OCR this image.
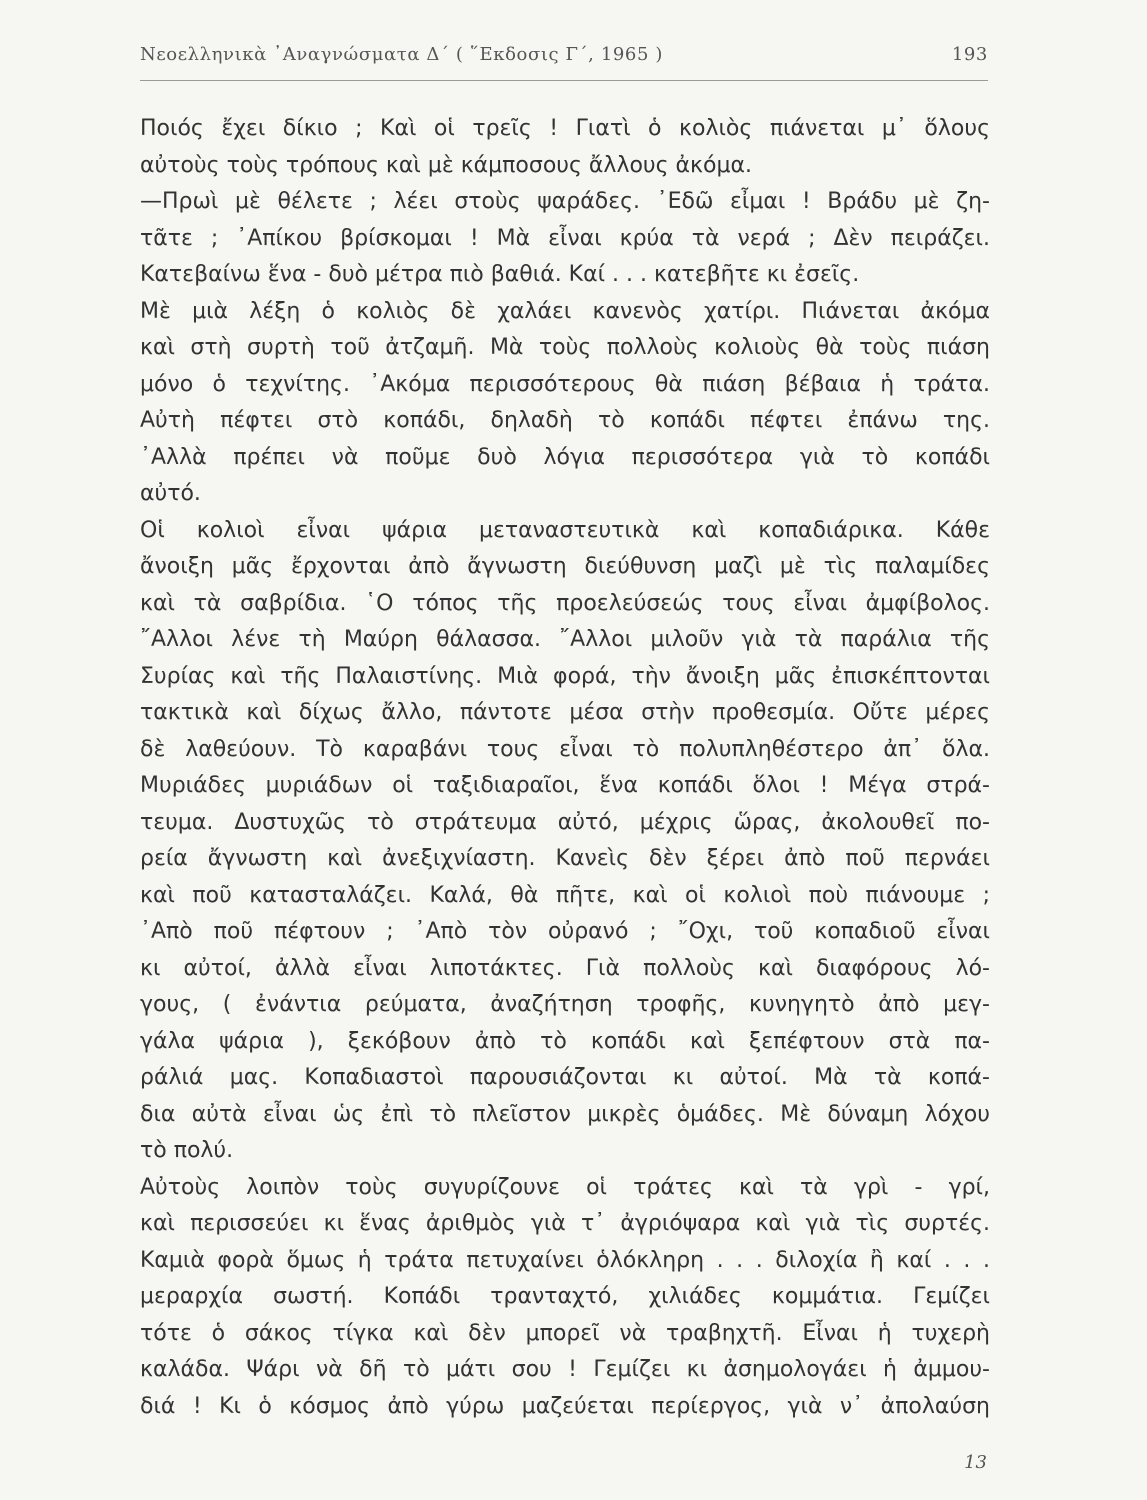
Νεοελληνικὰ ᾿Αναγνώσματα Δ΄ ( ῞Εκδοσις Γ΄, 1965 )	193
Ποιός ἔχει δίκιο ; Καὶ οἱ τρεῖς ! Γιατὶ ὁ κολιὸς πιάνεται μ᾿ ὅλους
αὐτοὺς τοὺς τρόπους καὶ μὲ κάμποσους ἄλλους ἀκόμα.
—Πρωὶ μὲ θέλετε ; λέει στοὺς ψαράδες. ᾿Εδῶ εἶμαι ! Βράδυ μὲ ζη-
τᾶτε ; ᾿Απίκου βρίσκομαι ! Μὰ εἶναι κρύα τὰ νερά ; Δὲν πειράζει.
Κατεβαίνω ἕνα - δυὸ μέτρα πιὸ βαθιά. Καί . . . κατεβῆτε κι ἐσεῖς.
Μὲ μιὰ λέξη ὁ κολιὸς δὲ χαλάει κανενὸς χατίρι. Πιάνεται ἀκόμα
καὶ στὴ συρτὴ τοῦ ἀτζαμῆ. Μὰ τοὺς πολλοὺς κολιοὺς θὰ τοὺς πιάση
μόνο ὁ τεχνίτης. ᾿Ακόμα περισσότερους θὰ πιάση βέβαια ἡ τράτα.
Αὐτὴ πέφτει στὸ κοπάδι, δηλαδὴ τὸ κοπάδι πέφτει ἐπάνω της.
᾿Αλλὰ πρέπει νὰ ποῦμε δυὸ λόγια περισσότερα γιὰ τὸ κοπάδι
αὐτό.
Οἱ κολιοὶ εἶναι ψάρια μεταναστευτικὰ καὶ κοπαδιάρικα. Κάθε
ἄνοιξη μᾶς ἔρχονται ἀπὸ ἄγνωστη διεύθυνση μαζὶ μὲ τὶς παλαμίδες
καὶ τὰ σαβρίδια. ῾Ο τόπος τῆς προελεύσεώς τους εἶναι ἀμφίβολος.
῎Αλλοι λένε τὴ Μαύρη θάλασσα. ῎Αλλοι μιλοῦν γιὰ τὰ παράλια τῆς
Συρίας καὶ τῆς Παλαιστίνης. Μιὰ φορά, τὴν ἄνοιξη μᾶς ἐπισκέπτονται
τακτικὰ καὶ δίχως ἄλλο, πάντοτε μέσα στὴν προθεσμία. Οὔτε μέρες
δὲ λαθεύουν. Τὸ καραβάνι τους εἶναι τὸ πολυπληθέστερο ἀπ᾿ ὅλα.
Μυριάδες μυριάδων οἱ ταξιδιαραῖοι, ἕνα κοπάδι ὅλοι ! Μέγα στρά-
τευμα. Δυστυχῶς τὸ στράτευμα αὐτό, μέχρις ὥρας, ἀκολουθεῖ πο-
ρεία ἄγνωστη καὶ ἀνεξιχνίαστη. Κανεὶς δὲν ξέρει ἀπὸ ποῦ περνάει
καὶ ποῦ κατασταλάζει. Καλά, θὰ πῆτε, καὶ οἱ κολιοὶ ποὺ πιάνουμε ;
᾿Απὸ ποῦ πέφτουν ; ᾿Απὸ τὸν οὐρανό ; ῎Οχι, τοῦ κοπαδιοῦ εἶναι
κι αὐτοί, ἀλλὰ εἶναι λιποτάκτες. Γιὰ πολλοὺς καὶ διαφόρους λό-
γους, ( ἐνάντια ρεύματα, ἀναζήτηση τροφῆς, κυνηγητὸ ἀπὸ μεγ-
γάλα ψάρια ), ξεκόβουν ἀπὸ τὸ κοπάδι καὶ ξεπέφτουν στὰ πα-
ράλιά μας. Κοπαδιαστοὶ παρουσιάζονται κι αὐτοί. Μὰ τὰ κοπά-
δια αὐτὰ εἶναι ὡς ἐπὶ τὸ πλεῖστον μικρὲς ὁμάδες. Μὲ δύναμη λόχου
τὸ πολύ.
Αὐτοὺς λοιπὸν τοὺς συγυρίζουνε οἱ τράτες καὶ τὰ γρὶ - γρί,
καὶ περισσεύει κι ἕνας ἀριθμὸς γιὰ τ᾿ ἀγριόψαρα καὶ γιὰ τὶς συρτές.
Καμιὰ φορὰ ὅμως ἡ τράτα πετυχαίνει ὁλόκληρη . . . διλοχία ἢ καί . . .
μεραρχία σωστή. Κοπάδι τρανταχτό, χιλιάδες κομμάτια. Γεμίζει
τότε ὁ σάκος τίγκα καὶ δὲν μπορεῖ νὰ τραβηχτῆ. Εἶναι ἡ τυχερὴ
καλάδα. Ψάρι νὰ δῆ τὸ μάτι σου ! Γεμίζει κι ἀσημολογάει ἡ ἀμμου-
διά ! Κι ὁ κόσμος ἀπὸ γύρω μαζεύεται περίεργος, γιὰ ν᾿ ἀπολαύση
13
